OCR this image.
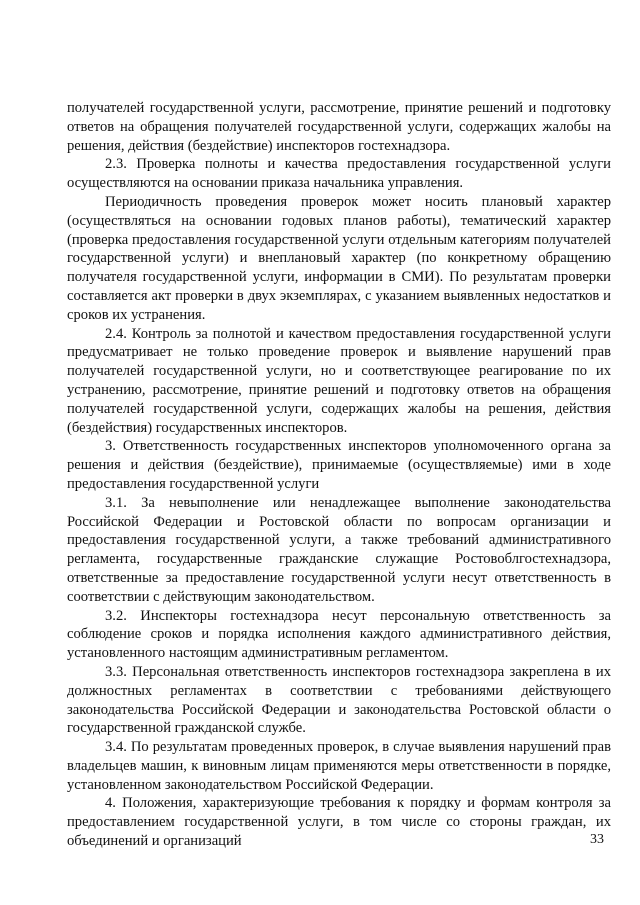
получателей государственной услуги, рассмотрение, принятие решений и подготовку ответов на обращения получателей государственной услуги, содержащих жалобы на решения, действия (бездействие) инспекторов гостехнадзора.

2.3. Проверка полноты и качества предоставления государственной услуги осуществляются на основании приказа начальника управления.

Периодичность проведения проверок может носить плановый характер (осуществляться на основании годовых планов работы), тематический характер (проверка предоставления государственной услуги отдельным категориям получателей государственной услуги) и внеплановый характер (по конкретному обращению получателя государственной услуги, информации в СМИ). По результатам проверки составляется акт проверки в двух экземплярах, с указанием выявленных недостатков и сроков их устранения.

2.4. Контроль за полнотой и качеством предоставления государственной услуги предусматривает не только проведение проверок и выявление нарушений прав получателей государственной услуги, но и соответствующее реагирование по их устранению, рассмотрение, принятие решений и подготовку ответов на обращения получателей государственной услуги, содержащих жалобы на решения, действия (бездействия) государственных инспекторов.

3. Ответственность государственных инспекторов уполномоченного органа за решения и действия (бездействие), принимаемые (осуществляемые) ими в ходе предоставления государственной услуги

3.1. За невыполнение или ненадлежащее выполнение законодательства Российской Федерации и Ростовской области по вопросам организации и предоставления государственной услуги, а также требований административного регламента, государственные гражданские служащие Ростовоблгостехнадзора, ответственные за предоставление государственной услуги несут ответственность в соответствии с действующим законодательством.

3.2. Инспекторы гостехнадзора несут персональную ответственность за соблюдение сроков и порядка исполнения каждого административного действия, установленного настоящим административным регламентом.

3.3. Персональная ответственность инспекторов гостехнадзора закреплена в их должностных регламентах в соответствии с требованиями действующего законодательства Российской Федерации и законодательства Ростовской области о государственной гражданской службе.

3.4. По результатам проведенных проверок, в случае выявления нарушений прав владельцев машин, к виновным лицам применяются меры ответственности в порядке, установленном законодательством Российской Федерации.

4. Положения, характеризующие требования к порядку и формам контроля за предоставлением государственной услуги, в том числе со стороны граждан, их объединений и организаций	33
